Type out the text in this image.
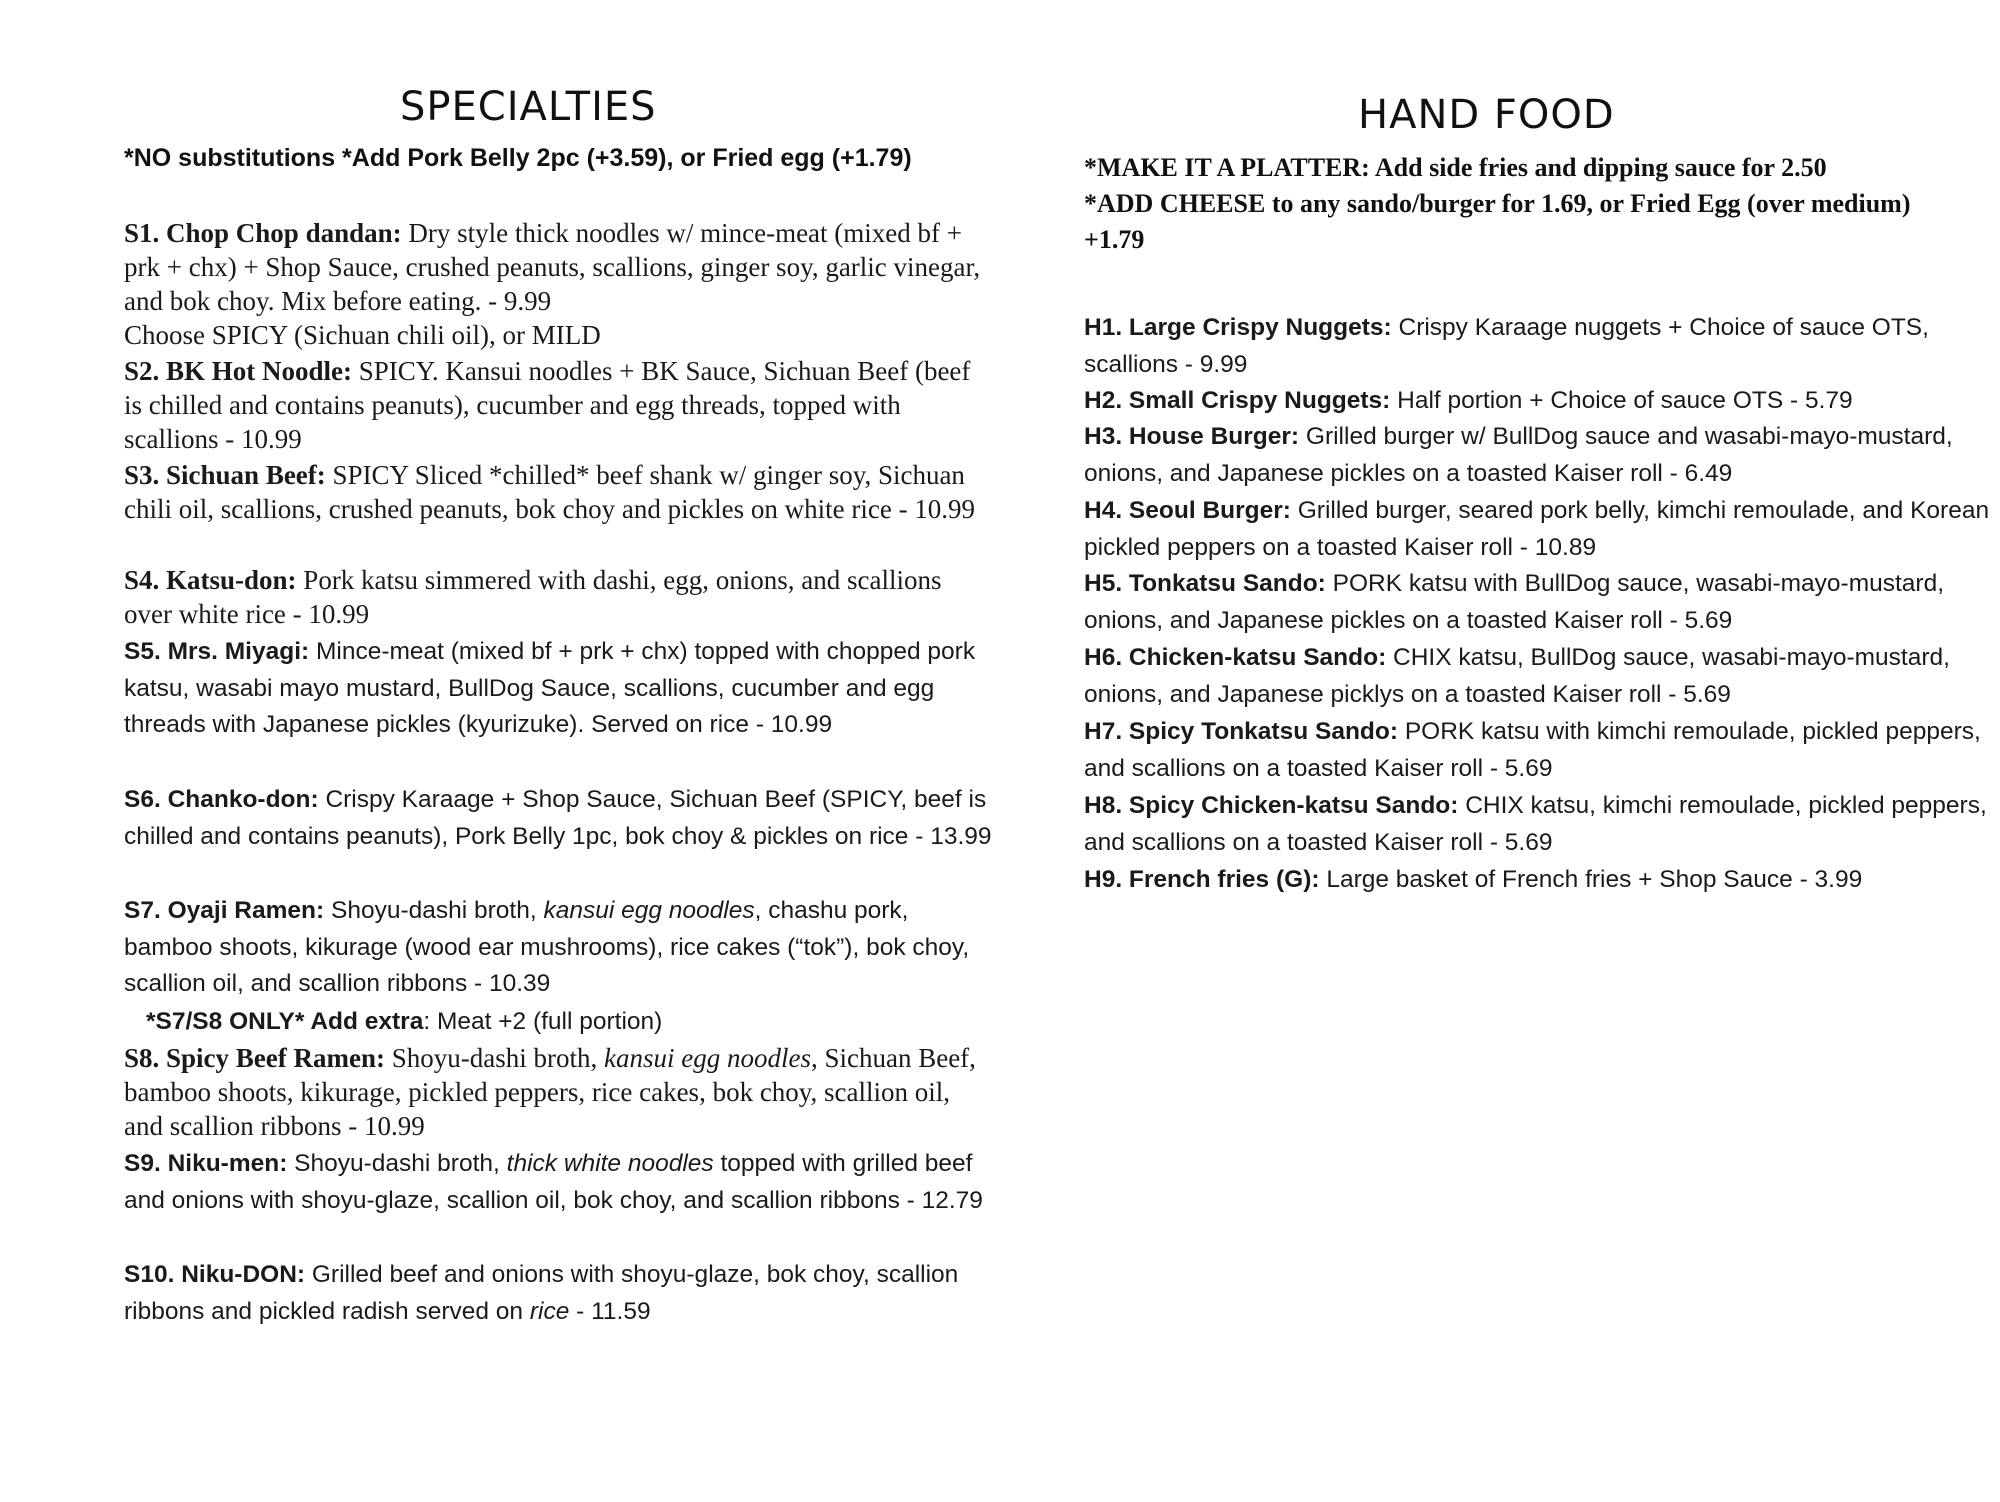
SPECIALTIES
*NO substitutions *Add Pork Belly 2pc (+3.59), or Fried egg (+1.79)
S1. Chop Chop dandan: Dry style thick noodles w/ mince-meat (mixed bf + prk + chx) + Shop Sauce, crushed peanuts, scallions, ginger soy, garlic vinegar, and bok choy. Mix before eating. - 9.99
Choose SPICY (Sichuan chili oil), or MILD
S2. BK Hot Noodle: SPICY. Kansui noodles + BK Sauce, Sichuan Beef (beef is chilled and contains peanuts), cucumber and egg threads, topped with scallions - 10.99
S3. Sichuan Beef: SPICY Sliced *chilled* beef shank w/ ginger soy, Sichuan chili oil, scallions, crushed peanuts, bok choy and pickles on white rice - 10.99
S4. Katsu-don: Pork katsu simmered with dashi, egg, onions, and scallions over white rice - 10.99
S5. Mrs. Miyagi: Mince-meat (mixed bf + prk + chx) topped with chopped pork katsu, wasabi mayo mustard, BullDog Sauce, scallions, cucumber and egg threads with Japanese pickles (kyurizuke). Served on rice - 10.99
S6. Chanko-don: Crispy Karaage + Shop Sauce, Sichuan Beef (SPICY, beef is chilled and contains peanuts), Pork Belly 1pc, bok choy & pickles on rice - 13.99
S7. Oyaji Ramen: Shoyu-dashi broth, kansui egg noodles, chashu pork, bamboo shoots, kikurage (wood ear mushrooms), rice cakes (“tok”), bok choy, scallion oil, and scallion ribbons - 10.39
*S7/S8 ONLY* Add extra: Meat +2 (full portion)
S8. Spicy Beef Ramen: Shoyu-dashi broth, kansui egg noodles, Sichuan Beef, bamboo shoots, kikurage, pickled peppers, rice cakes, bok choy, scallion oil, and scallion ribbons - 10.99
S9. Niku-men: Shoyu-dashi broth, thick white noodles topped with grilled beef and onions with shoyu-glaze, scallion oil, bok choy, and scallion ribbons - 12.79
S10. Niku-DON: Grilled beef and onions with shoyu-glaze, bok choy, scallion ribbons and pickled radish served on rice - 11.59
HAND FOOD
*MAKE IT A PLATTER: Add side fries and dipping sauce for 2.50
*ADD CHEESE to any sando/burger for 1.69, or Fried Egg (over medium) +1.79
H1. Large Crispy Nuggets: Crispy Karaage nuggets + Choice of sauce OTS, scallions - 9.99
H2. Small Crispy Nuggets: Half portion + Choice of sauce OTS - 5.79
H3. House Burger: Grilled burger w/ BullDog sauce and wasabi-mayo-mustard, onions, and Japanese pickles on a toasted Kaiser roll - 6.49
H4. Seoul Burger: Grilled burger, seared pork belly, kimchi remoulade, and Korean pickled peppers on a toasted Kaiser roll - 10.89
H5. Tonkatsu Sando: PORK katsu with BullDog sauce, wasabi-mayo-mustard, onions, and Japanese pickles on a toasted Kaiser roll - 5.69
H6. Chicken-katsu Sando: CHIX katsu, BullDog sauce, wasabi-mayo-mustard, onions, and Japanese picklys on a toasted Kaiser roll - 5.69
H7. Spicy Tonkatsu Sando: PORK katsu with kimchi remoulade, pickled peppers, and scallions on a toasted Kaiser roll - 5.69
H8. Spicy Chicken-katsu Sando: CHIX katsu, kimchi remoulade, pickled peppers, and scallions on a toasted Kaiser roll - 5.69
H9. French fries (G): Large basket of French fries + Shop Sauce - 3.99
